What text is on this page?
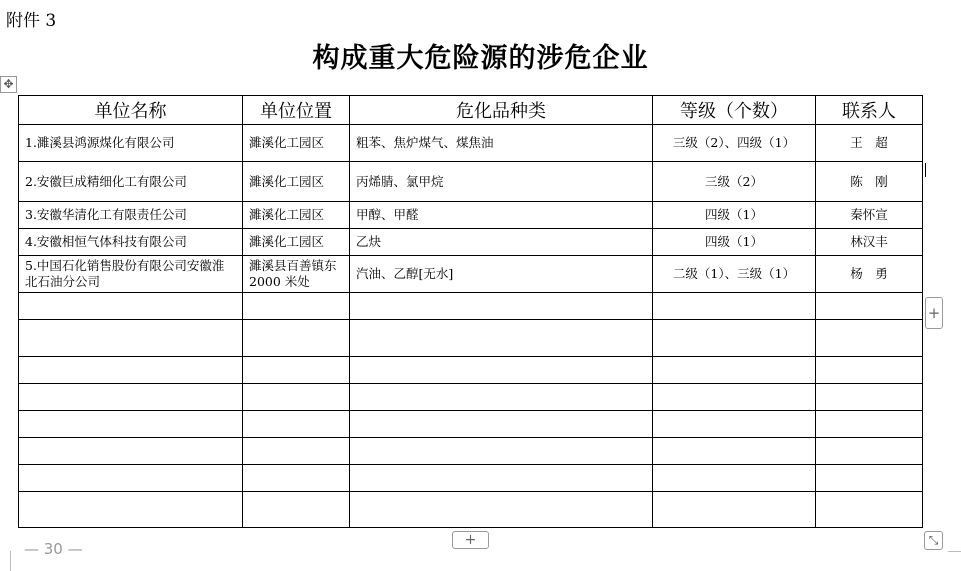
附件 3
构成重大危险源的涉危企业
✥
单位名称	单位位置	危化品种类	等级（个数）	联系人
1.濉溪县鸿源煤化有限公司	濉溪化工园区	粗苯、焦炉煤气、煤焦油	三级（2）、四级（1）	王　超
2.安徽巨成精细化工有限公司	濉溪化工园区	丙烯腈、氯甲烷	三级（2）	陈　刚
3.安徽华清化工有限责任公司	濉溪化工园区	甲醇、甲醛	四级（1）	秦怀宣
4.安徽相恒气体科技有限公司	濉溪化工园区	乙炔	四级（1）	林汉丰
5.中国石化销售股份有限公司安徽淮北石油分公司	濉溪县百善镇东 2000 米处	汽油、乙醇[无水]	二级（1）、三级（1）	杨　勇

+
+	⤡
— 30 —
